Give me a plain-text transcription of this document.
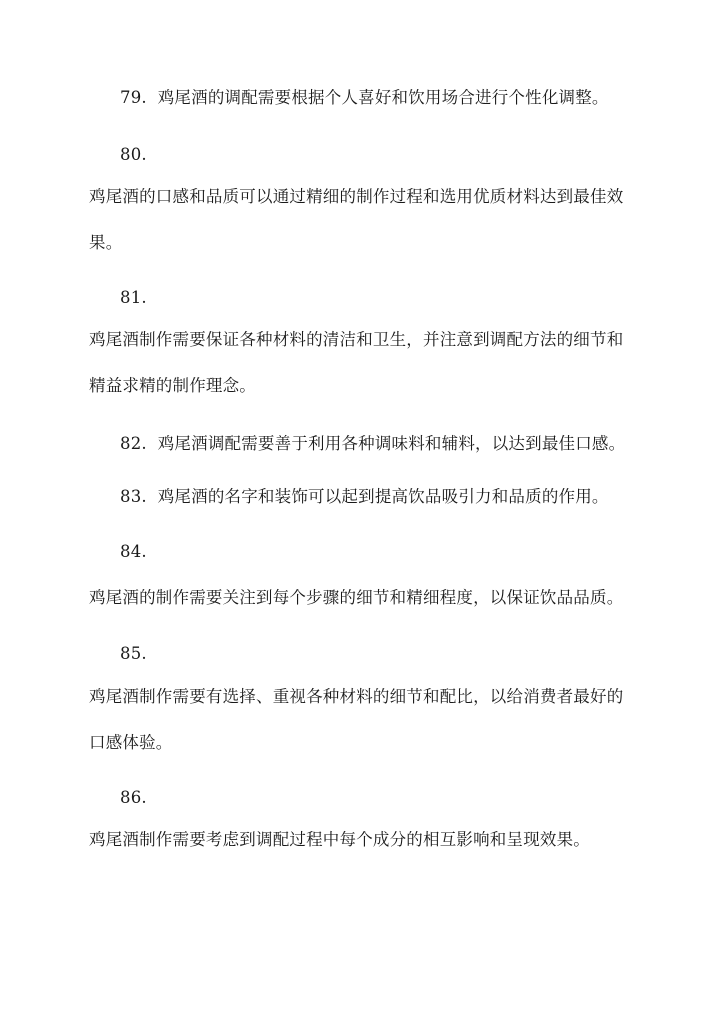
79. 鸡尾酒的调配需要根据个人喜好和饮用场合进行个性化调整。
80.
鸡尾酒的口感和品质可以通过精细的制作过程和选用优质材料达到最佳效
果。
81.
鸡尾酒制作需要保证各种材料的清洁和卫生，并注意到调配方法的细节和
精益求精的制作理念。
82. 鸡尾酒调配需要善于利用各种调味料和辅料，以达到最佳口感。
83. 鸡尾酒的名字和装饰可以起到提高饮品吸引力和品质的作用。
84.
鸡尾酒的制作需要关注到每个步骤的细节和精细程度，以保证饮品品质。
85.
鸡尾酒制作需要有选择、重视各种材料的细节和配比，以给消费者最好的
口感体验。
86.
鸡尾酒制作需要考虑到调配过程中每个成分的相互影响和呈现效果。
